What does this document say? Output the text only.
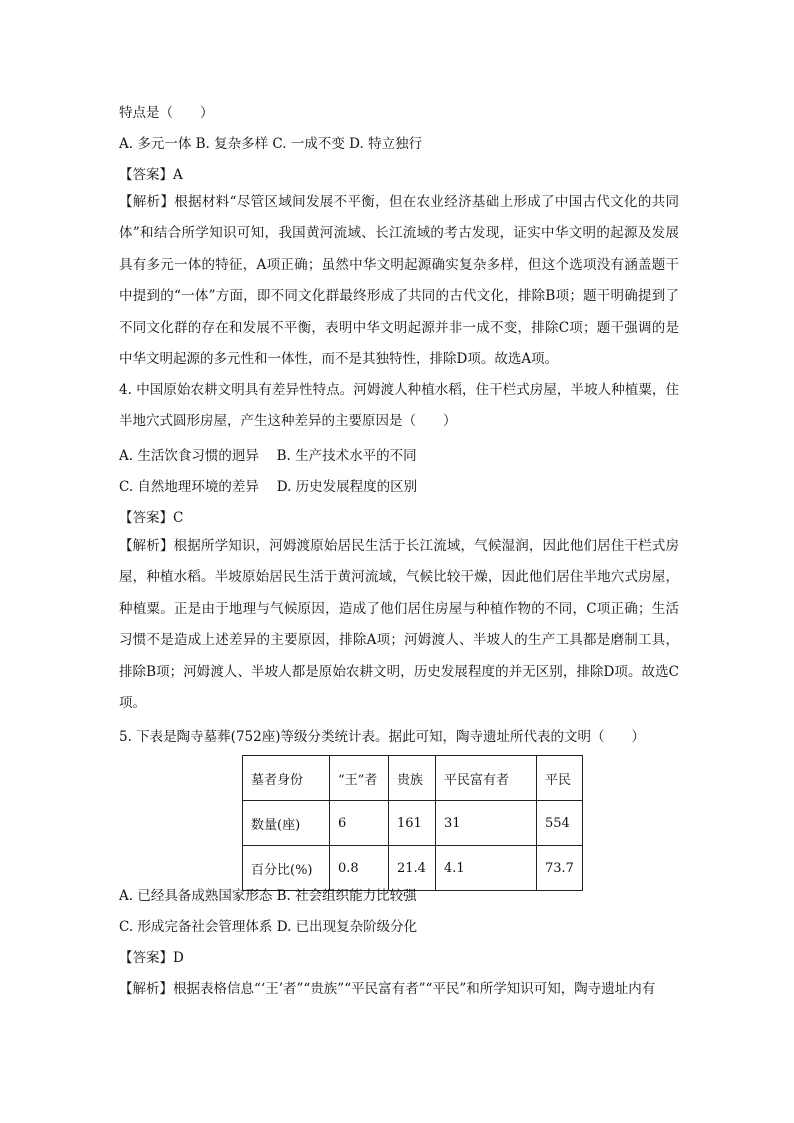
特点是（　　）
A. 多元一体 B. 复杂多样 C. 一成不变 D. 特立独行
【答案】A
【解析】根据材料“尽管区域间发展不平衡，但在农业经济基础上形成了中国古代文化的共同体”和结合所学知识可知，我国黄河流域、长江流域的考古发现，证实中华文明的起源及发展具有多元一体的特征，A项正确；虽然中华文明起源确实复杂多样，但这个选项没有涵盖题干中提到的“一体”方面，即不同文化群最终形成了共同的古代文化，排除B项；题干明确提到了不同文化群的存在和发展不平衡，表明中华文明起源并非一成不变，排除C项；题干强调的是中华文明起源的多元性和一体性，而不是其独特性，排除D项。故选A项。
4. 中国原始农耕文明具有差异性特点。河姆渡人种植水稻，住干栏式房屋，半坡人种植粟，住半地穴式圆形房屋，产生这种差异的主要原因是（　　）
A. 生活饮食习惯的迥异　 B. 生产技术水平的不同
C. 自然地理环境的差异　 D. 历史发展程度的区别
【答案】C
【解析】根据所学知识，河姆渡原始居民生活于长江流域，气候湿润，因此他们居住干栏式房屋，种植水稻。半坡原始居民生活于黄河流域，气候比较干燥，因此他们居住半地穴式房屋，种植粟。正是由于地理与气候原因，造成了他们居住房屋与种植作物的不同，C项正确；生活习惯不是造成上述差异的主要原因，排除A项；河姆渡人、半坡人的生产工具都是磨制工具，排除B项；河姆渡人、半坡人都是原始农耕文明，历史发展程度的并无区别，排除D项。故选C项。
5. 下表是陶寺墓葬(752座)等级分类统计表。据此可知，陶寺遗址所代表的文明（　　）
墓者身份	“王”者	贵族	平民富有者	平民
数量(座)	6	161	31	554
百分比(%)	0.8	21.4	4.1	73.7
A. 已经具备成熟国家形态 B. 社会组织能力比较强
C. 形成完备社会管理体系 D. 已出现复杂阶级分化
【答案】D
【解析】根据表格信息“‘王’者”“贵族”“平民富有者”“平民”和所学知识可知，陶寺遗址内有
